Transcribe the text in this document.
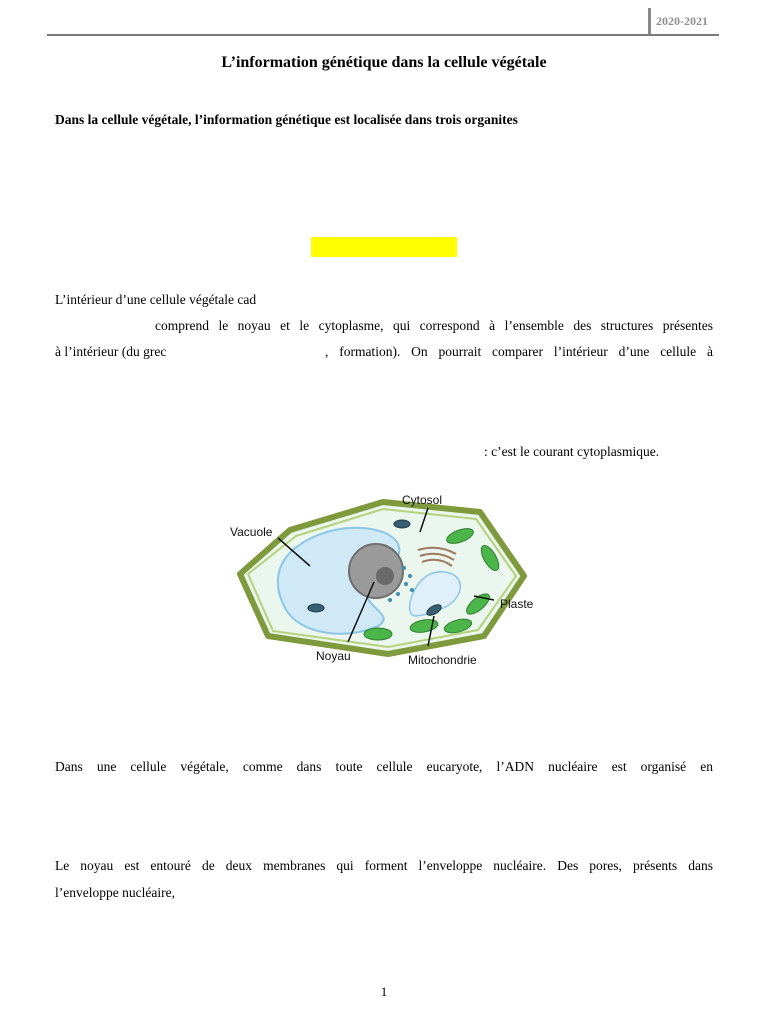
2020-2021
L’information génétique dans la cellule végétale
Dans la cellule végétale, l’information génétique est localisée dans trois organites
L’intérieur d’une cellule végétale cad
comprend le noyau et le cytoplasme, qui correspond à l’ensemble des structures présentes
à l’intérieur (du grec	, formation). On pourrait comparer l’intérieur d’une cellule à
: c’est le courant cytoplasmique.
Cytosol
Vacuole
Plaste
Noyau	Mitochondrie
Dans une cellule végétale, comme dans toute cellule eucaryote, l’ADN nucléaire est organisé en
Le noyau est entouré de deux membranes qui forment l’enveloppe nucléaire. Des pores, présents dans
l’enveloppe nucléaire,
1
